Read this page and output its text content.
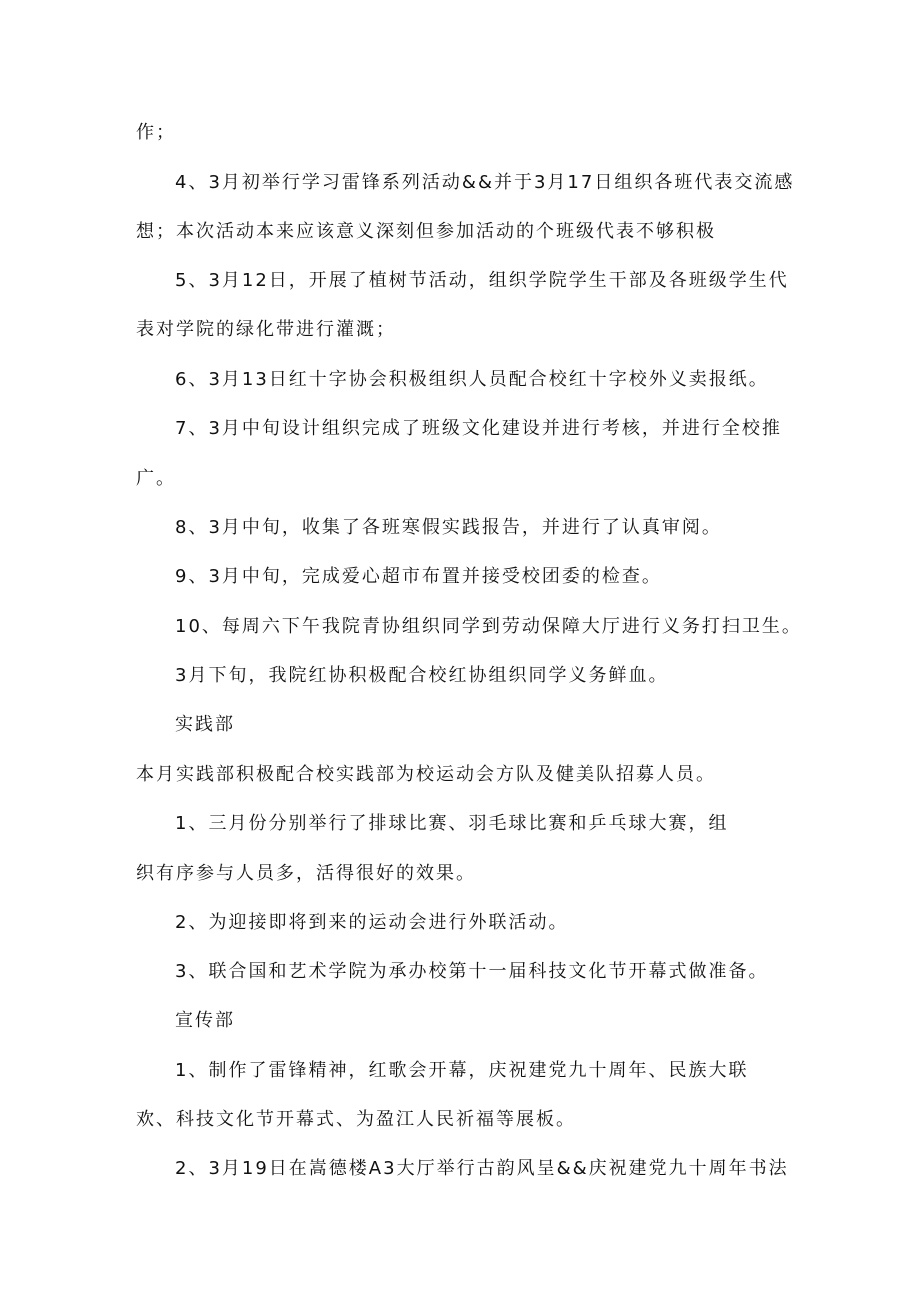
作；
4、3月初举行学习雷锋系列活动&&并于3月17日组织各班代表交流感
想；本次活动本来应该意义深刻但参加活动的个班级代表不够积极
5、3月12日，开展了植树节活动，组织学院学生干部及各班级学生代
表对学院的绿化带进行灌溉；
6、3月13日红十字协会积极组织人员配合校红十字校外义卖报纸。
7、3月中旬设计组织完成了班级文化建设并进行考核，并进行全校推
广。
8、3月中旬，收集了各班寒假实践报告，并进行了认真审阅。
9、3月中旬，完成爱心超市布置并接受校团委的检查。
10、每周六下午我院青协组织同学到劳动保障大厅进行义务打扫卫生。
3月下旬，我院红协积极配合校红协组织同学义务鲜血。
实践部
本月实践部积极配合校实践部为校运动会方队及健美队招募人员。
1、三月份分别举行了排球比赛、羽毛球比赛和乒乓球大赛，组
织有序参与人员多，活得很好的效果。
2、为迎接即将到来的运动会进行外联活动。
3、联合国和艺术学院为承办校第十一届科技文化节开幕式做准备。
宣传部
1、制作了雷锋精神，红歌会开幕，庆祝建党九十周年、民族大联
欢、科技文化节开幕式、为盈江人民祈福等展板。
2、3月19日在嵩德楼A3大厅举行古韵风呈&&庆祝建党九十周年书法
